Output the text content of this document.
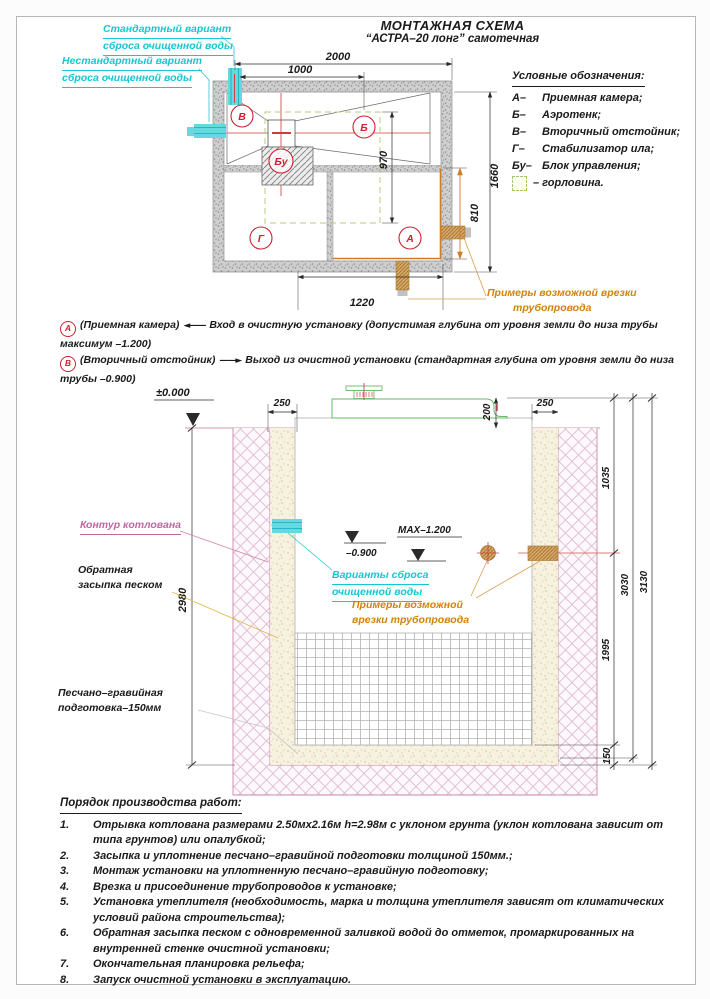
В
Б
Бу
Г	А
2000
1000
970
1660
810
1220
±0.000
–0.900
MAX–1.200
250
200
250
2980
1035
1995
150
3030 3130
Стандартный вариант
сброса очищенной воды
Нестандартный вариант
сброса очищенной воды
МОНТАЖНАЯ СХЕМА
“АСТРА–20 лонг” самотечная
Условные обозначения:
А–	Приемная камера;
Б–	Аэротенк;
В–	Вторичный отстойник;
Г–	Стабилизатор ила;
Бу– Блок управления;
– горловина.
А (Приемная камера) ◄—— Вход в очистную установку (допустимая глубина от уровня земли до низа трубы максимум –1.200)
В (Вторичный отстойник) ——► Выход из очистной установки (стандартная глубина от уровня земли до низа трубы –0.900)
Контур котлована
Обратная
засыпка песком
Песчано–гравийная
подготовка–150мм
Варианты сброса
очищенной воды
Примеры возможной
врезки трубопровода
Примеры возможной врезки
трубопровода
Порядок производства работ:
1.	Отрывка котлована размерами 2.50мх2.16м h=2.98м с уклоном грунта (уклон котлована зависит от типа грунтов) или опалубкой;
2.	Засыпка и уплотнение песчано–гравийной подготовки толщиной 150мм.;
3.	Монтаж установки на уплотненную песчано–гравийную подготовку;
4.	Врезка и присоединение трубопроводов к установке;
5.	Установка утеплителя (необходимость, марка и толщина утеплителя зависят от климатических условий района строительства);
6.	Обратная засыпка песком с одновременной заливкой водой до отметок, промаркированных на внутренней стенке очистной установки;
7.	Окончательная планировка рельефа;
8.	Запуск очистной установки в эксплуатацию.
